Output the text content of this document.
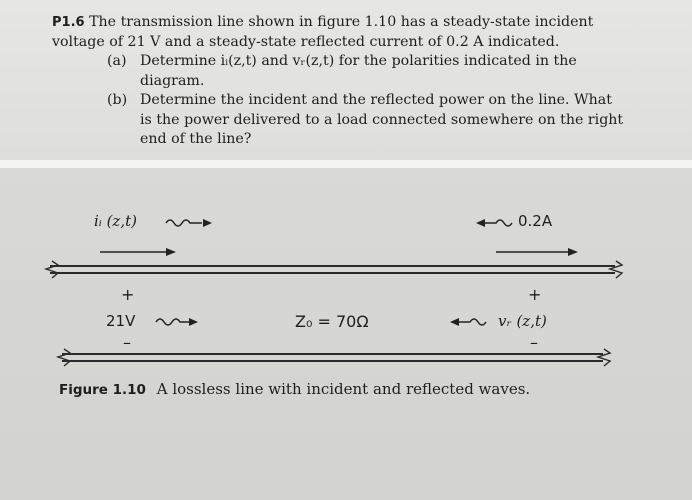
P1.6 The transmission line shown in figure 1.10 has a steady-state incident
voltage of 21 V and a steady-state reflected current of 0.2 A indicated.
(a) Determine iᵢ(z,t) and vᵣ(z,t) for the polarities indicated in the
diagram.
(b) Determine the incident and the reflected power on the line. What
is the power delivered to a load connected somewhere on the right
end of the line?
iᵢ (z,t)	0.2A
+
21V
–
Z₀ = 70Ω
+
vᵣ (z,t)
–
Figure 1.10 A lossless line with incident and reflected waves.
